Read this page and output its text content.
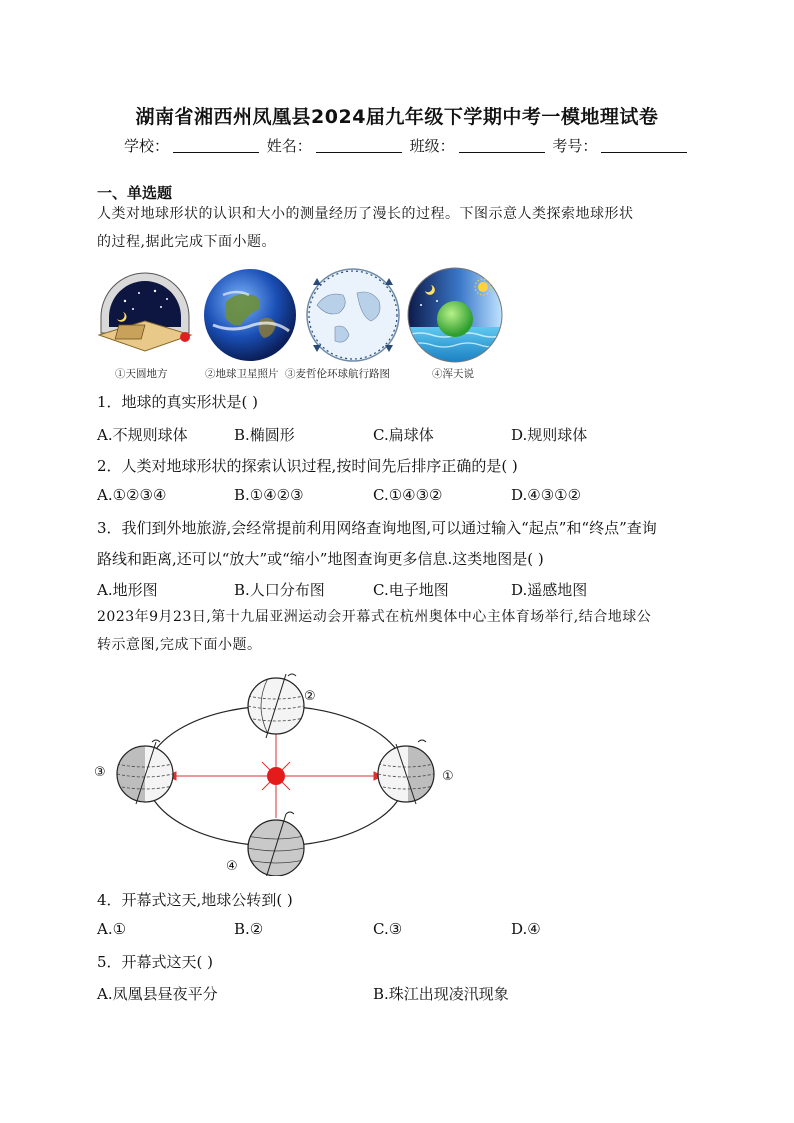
湖南省湘西州凤凰县2024届九年级下学期中考一模地理试卷
学校：	姓名：	班级：	考号：
一、单选题
人类对地球形状的认识和大小的测量经历了漫长的过程。下图示意人类探索地球形状
的过程,据此完成下面小题。
①天圆地方	②地球卫星照片 ③麦哲伦环球航行路图	④浑天说
1．地球的真实形状是( )
A.不规则球体	B.椭圆形	C.扁球体	D.规则球体
2．人类对地球形状的探索认识过程,按时间先后排序正确的是( )
A.①②③④	B.①④②③	C.①④③②	D.④③①②
3．我们到外地旅游,会经常提前利用网络查询地图,可以通过输入“起点”和“终点”查询
路线和距离,还可以“放大”或“缩小”地图查询更多信息.这类地图是( )
A.地形图	B.人口分布图	C.电子地图	D.遥感地图
2023年9月23日,第十九届亚洲运动会开幕式在杭州奥体中心主体育场举行,结合地球公
转示意图,完成下面小题。
①
②
③
④
4．开幕式这天,地球公转到( )
A.①	B.②	C.③	D.④
5．开幕式这天( )
A.凤凰县昼夜平分	B.珠江出现凌汛现象
